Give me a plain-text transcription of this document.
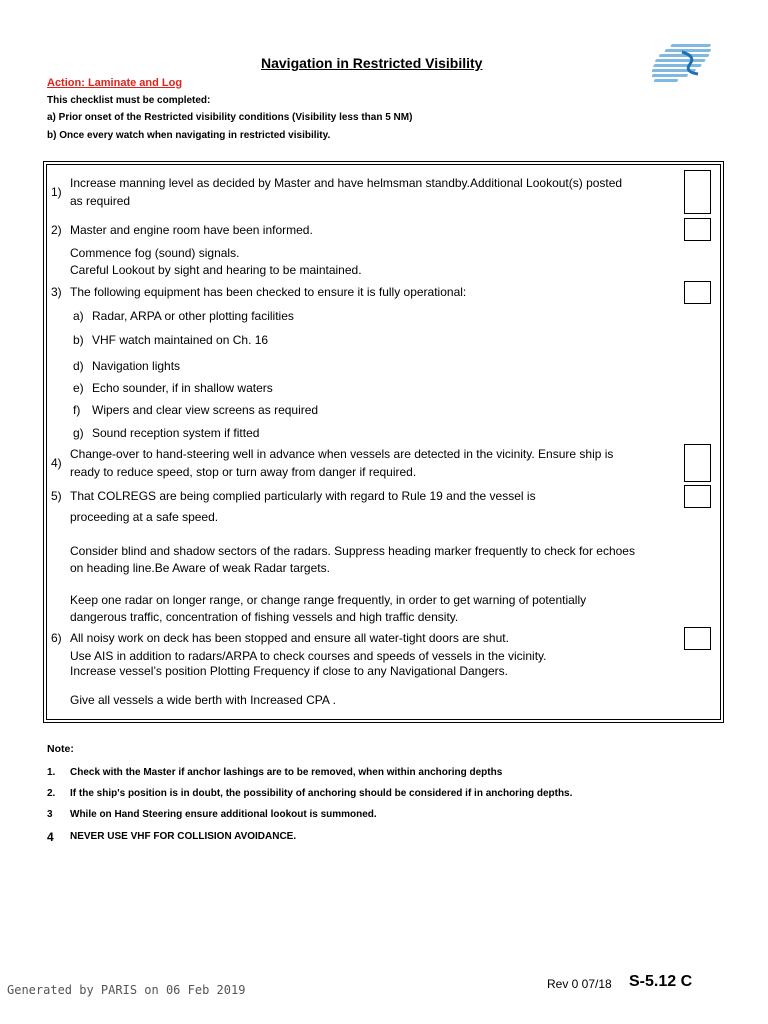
Navigation in Restricted Visibility
Action: Laminate and Log
This checklist must be completed:
a) Prior onset of the Restricted visibility conditions (Visibility less than 5 NM)
b) Once every watch when navigating in restricted visibility.
1)
Increase manning level as decided by Master and have helmsman standby.Additional Lookout(s) posted
as required
2) Master and engine room have been informed.
Commence fog (sound) signals.
Careful Lookout by sight and hearing to be maintained.
3) The following equipment has been checked to ensure it is fully operational:
a) Radar, ARPA or other plotting facilities
b) VHF watch maintained on Ch. 16
d) Navigation lights
e) Echo sounder, if in shallow waters
f) Wipers and clear view screens as required
g) Sound reception system if fitted
4)
Change-over to hand-steering well in advance when vessels are detected in the vicinity. Ensure ship is
ready to reduce speed, stop or turn away from danger if required.
5) That COLREGS are being complied particularly with regard to Rule 19 and the vessel is
proceeding at a safe speed.
Consider blind and shadow sectors of the radars. Suppress heading marker frequently to check for echoes
on heading line.Be Aware of weak Radar targets.
Keep one radar on longer range, or change range frequently, in order to get warning of potentially
dangerous traffic, concentration of fishing vessels and high traffic density.
6) All noisy work on deck has been stopped and ensure all water-tight doors are shut.
Use AIS in addition to radars/ARPA to check courses and speeds of vessels in the vicinity.
Increase vessel’s position Plotting Frequency if close to any Navigational Dangers.
Give all vessels a wide berth with Increased CPA .
Note:
1. Check with the Master if anchor lashings are to be removed, when within anchoring depths
2. If the ship's position is in doubt, the possibility of anchoring should be considered if in anchoring depths.
3 While on Hand Steering ensure additional lookout is summoned.
4 NEVER USE VHF FOR COLLISION AVOIDANCE.
Generated by PARIS on 06 Feb 2019	Rev 0 07/18 S-5.12 C
